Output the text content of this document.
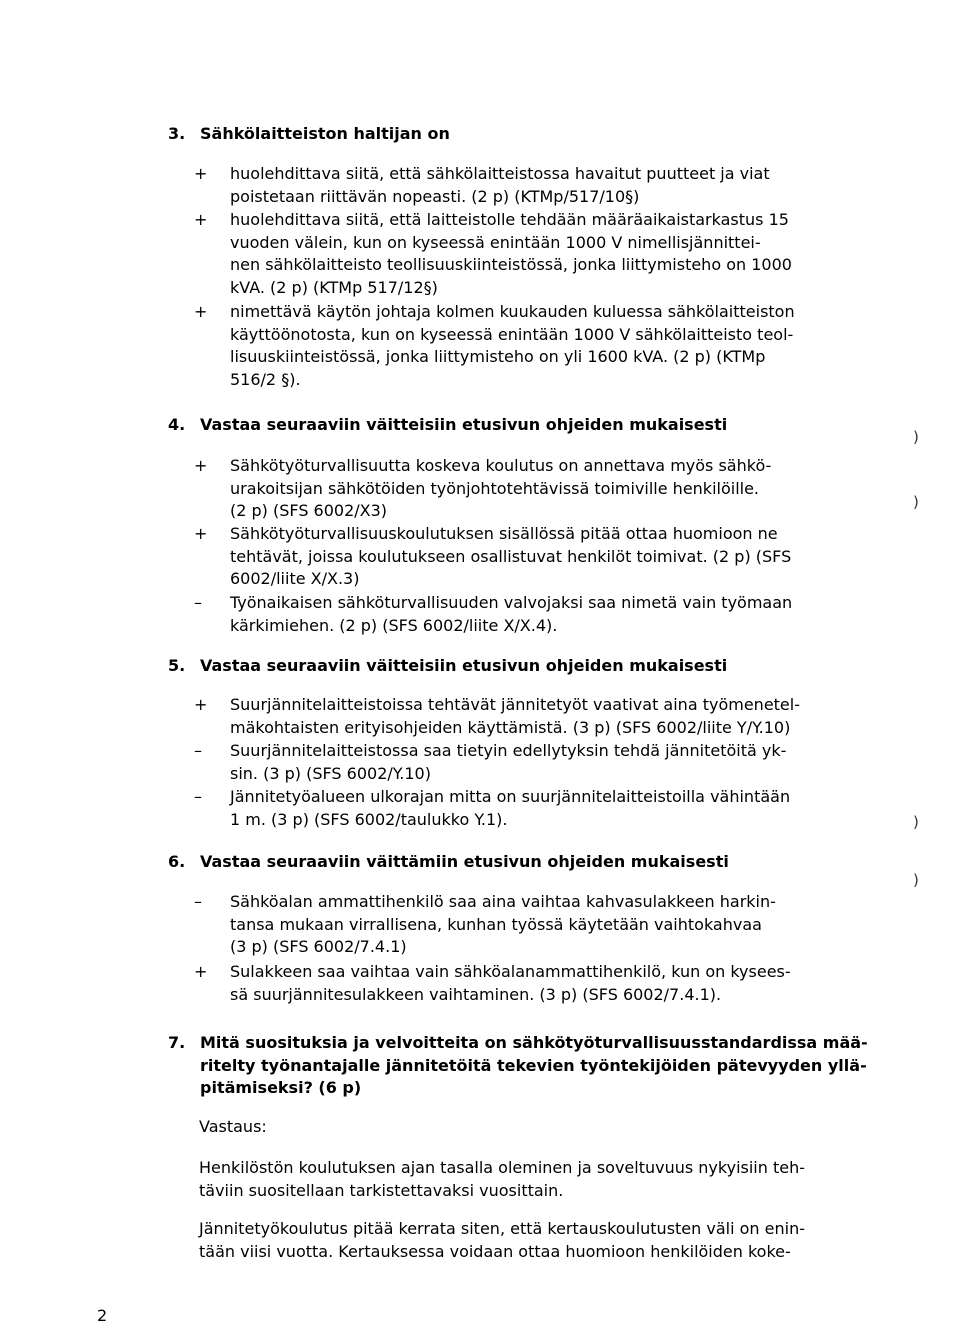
3. Sähkölaitteiston haltijan on
+	huolehdittava siitä, että sähkölaitteistossa havaitut puutteet ja viat
poistetaan riittävän nopeasti. (2 p) (KTMp/517/10§)
+	huolehdittava siitä, että laitteistolle tehdään määräaikaistarkastus 15
vuoden välein, kun on kyseessä enintään 1000 V nimellisjännittei-
nen sähkölaitteisto teollisuuskiinteistössä, jonka liittymisteho on 1000
kVA. (2 p) (KTMp 517/12§)
+	nimettävä käytön johtaja kolmen kuukauden kuluessa sähkölaitteiston
käyttöönotosta, kun on kyseessä enintään 1000 V sähkölaitteisto teol-
lisuuskiinteistössä, jonka liittymisteho on yli 1600 kVA. (2 p) (KTMp
516/2 §).
4. Vastaa seuraaviin väitteisiin etusivun ohjeiden mukaisesti
+	Sähkötyöturvallisuutta koskeva koulutus on annettava myös sähkö-
urakoitsijan sähkötöiden työnjohtotehtävissä toimiville henkilöille.
(2 p) (SFS 6002/X3)
+	Sähkötyöturvallisuuskoulutuksen sisällössä pitää ottaa huomioon ne
tehtävät, joissa koulutukseen osallistuvat henkilöt toimivat. (2 p) (SFS
6002/liite X/X.3)
–	Työnaikaisen sähköturvallisuuden valvojaksi saa nimetä vain työmaan
kärkimiehen. (2 p) (SFS 6002/liite X/X.4).
5. Vastaa seuraaviin väitteisiin etusivun ohjeiden mukaisesti
+	Suurjännitelaitteistoissa tehtävät jännitetyöt vaativat aina työmenetel-
mäkohtaisten erityisohjeiden käyttämistä. (3 p) (SFS 6002/liite Y/Y.10)
–	Suurjännitelaitteistossa saa tietyin edellytyksin tehdä jännitetöitä yk-
sin. (3 p) (SFS 6002/Y.10)
–	Jännitetyöalueen ulkorajan mitta on suurjännitelaitteistoilla vähintään
1 m. (3 p) (SFS 6002/taulukko Y.1).
6. Vastaa seuraaviin väittämiin etusivun ohjeiden mukaisesti
–	Sähköalan ammattihenkilö saa aina vaihtaa kahvasulakkeen harkin-
tansa mukaan virrallisena, kunhan työssä käytetään vaihtokahvaa
(3 p) (SFS 6002/7.4.1)
+	Sulakkeen saa vaihtaa vain sähköalanammattihenkilö, kun on kysees-
sä suurjännitesulakkeen vaihtaminen. (3 p) (SFS 6002/7.4.1).
7. Mitä suosituksia ja velvoitteita on sähkötyöturvallisuusstandardissa mää-
ritelty työnantajalle jännitetöitä tekevien työntekijöiden pätevyyden yllä-
pitämiseksi? (6 p)
Vastaus:
Henkilöstön koulutuksen ajan tasalla oleminen ja soveltuvuus nykyisiin teh-
täviin suositellaan tarkistettavaksi vuosittain.
Jännitetyökoulutus pitää kerrata siten, että kertauskoulutusten väli on enin-
tään viisi vuotta. Kertauksessa voidaan ottaa huomioon henkilöiden koke-
)
)
)
)
2
